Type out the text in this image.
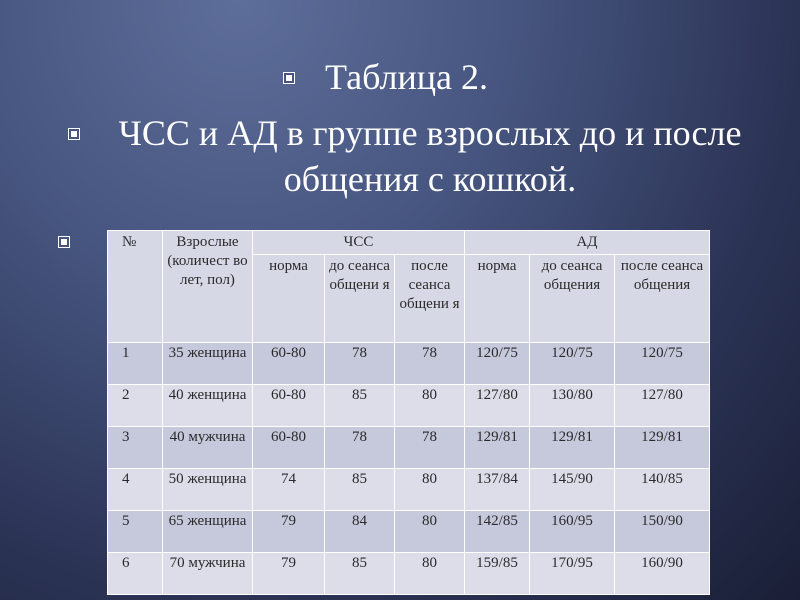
Таблица 2.
ЧСС и АД в группе взрослых до и после общения с кошкой.
№	Взрослые (количест во лет, пол)	ЧСС			АД		
		норма	до сеанса общени я	после сеанса общени я	норма	до сеанса общения	после сеанса общения
1	35 женщина	60-80	78	78	120/75	120/75	120/75
2	40 женщина	60-80	85	80	127/80	130/80	127/80
3	40 мужчина	60-80	78	78	129/81	129/81	129/81
4	50 женщина	74	85	80	137/84	145/90	140/85
5	65 женщина	79	84	80	142/85	160/95	150/90
6	70 мужчина	79	85	80	159/85	170/95	160/90
